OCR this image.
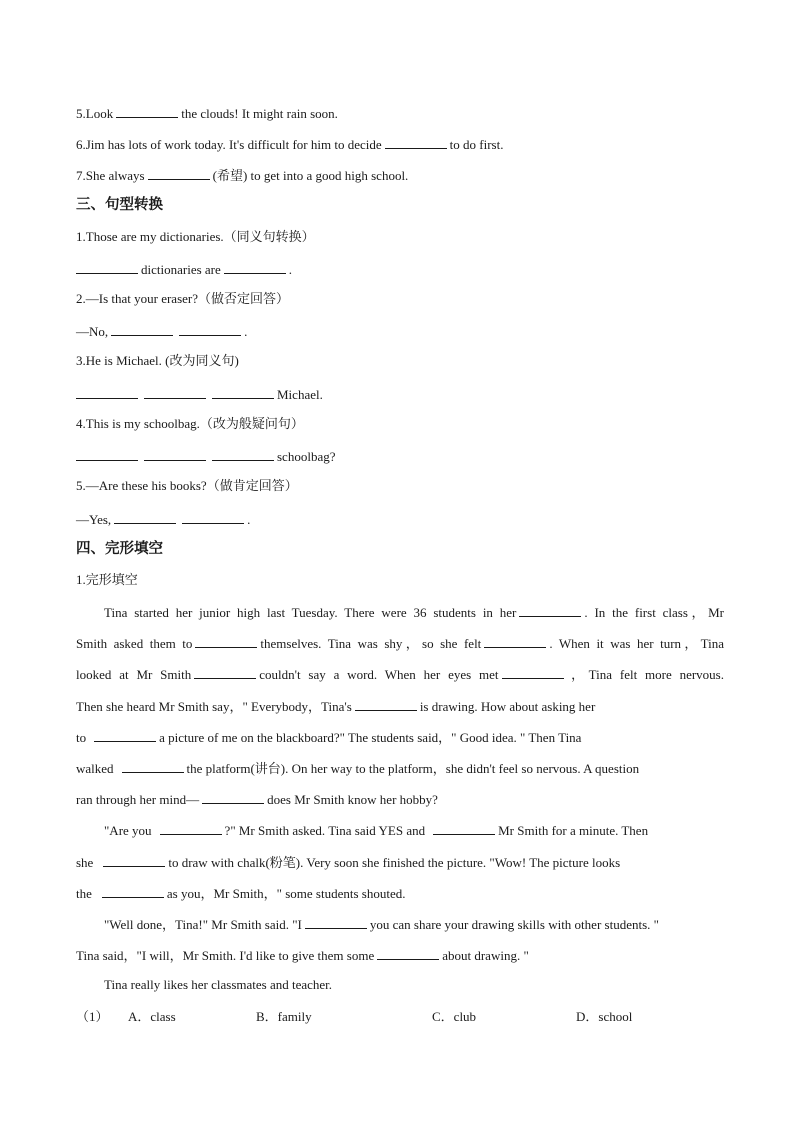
5.Look	the clouds! It might rain soon.
6.Jim has lots of work today. It's difficult for him to decide	to do first.
7.She always	(希望) to get into a good high school.
三、句型转换
1.Those are my dictionaries.（同义句转换）
dictionaries are	.
2.—Is that your eraser?（做否定回答）
—No,	.
3.He is Michael. (改为同义句)
Michael.
4.This is my schoolbag.（改为般疑问句）
schoolbag?
5.—Are these his books?（做肯定回答）
—Yes,	.
四、完形填空
1.完形填空
Tina started her junior high last Tuesday. There were 36 students in her	. In the first class，Mr
Smith asked them to	themselves. Tina was shy，so she felt	. When it was her turn，Tina
looked at Mr Smith	couldn't say a word. When her eyes met	，Tina felt more nervous.
Then she heard Mr Smith say，" Everybody，Tina's	is drawing. How about asking her
to	a picture of me on the blackboard?" The students said，" Good idea. " Then Tina
walked	the platform(讲台). On her way to the platform，she didn't feel so nervous. A question
ran through her mind—	does Mr Smith know her hobby?
"Are you	?" Mr Smith asked. Tina said YES and	Mr Smith for a minute. Then
she	to draw with chalk(粉笔). Very soon she finished the picture. "Wow! The picture looks
the	as you，Mr Smith，" some students shouted.
"Well done，Tina!" Mr Smith said. "I	you can share your drawing skills with other students. "
Tina said，"I will，Mr Smith. I'd like to give them some	about drawing. "
Tina really likes her classmates and teacher.
（1） A．class	B．family	C．club	D．school
